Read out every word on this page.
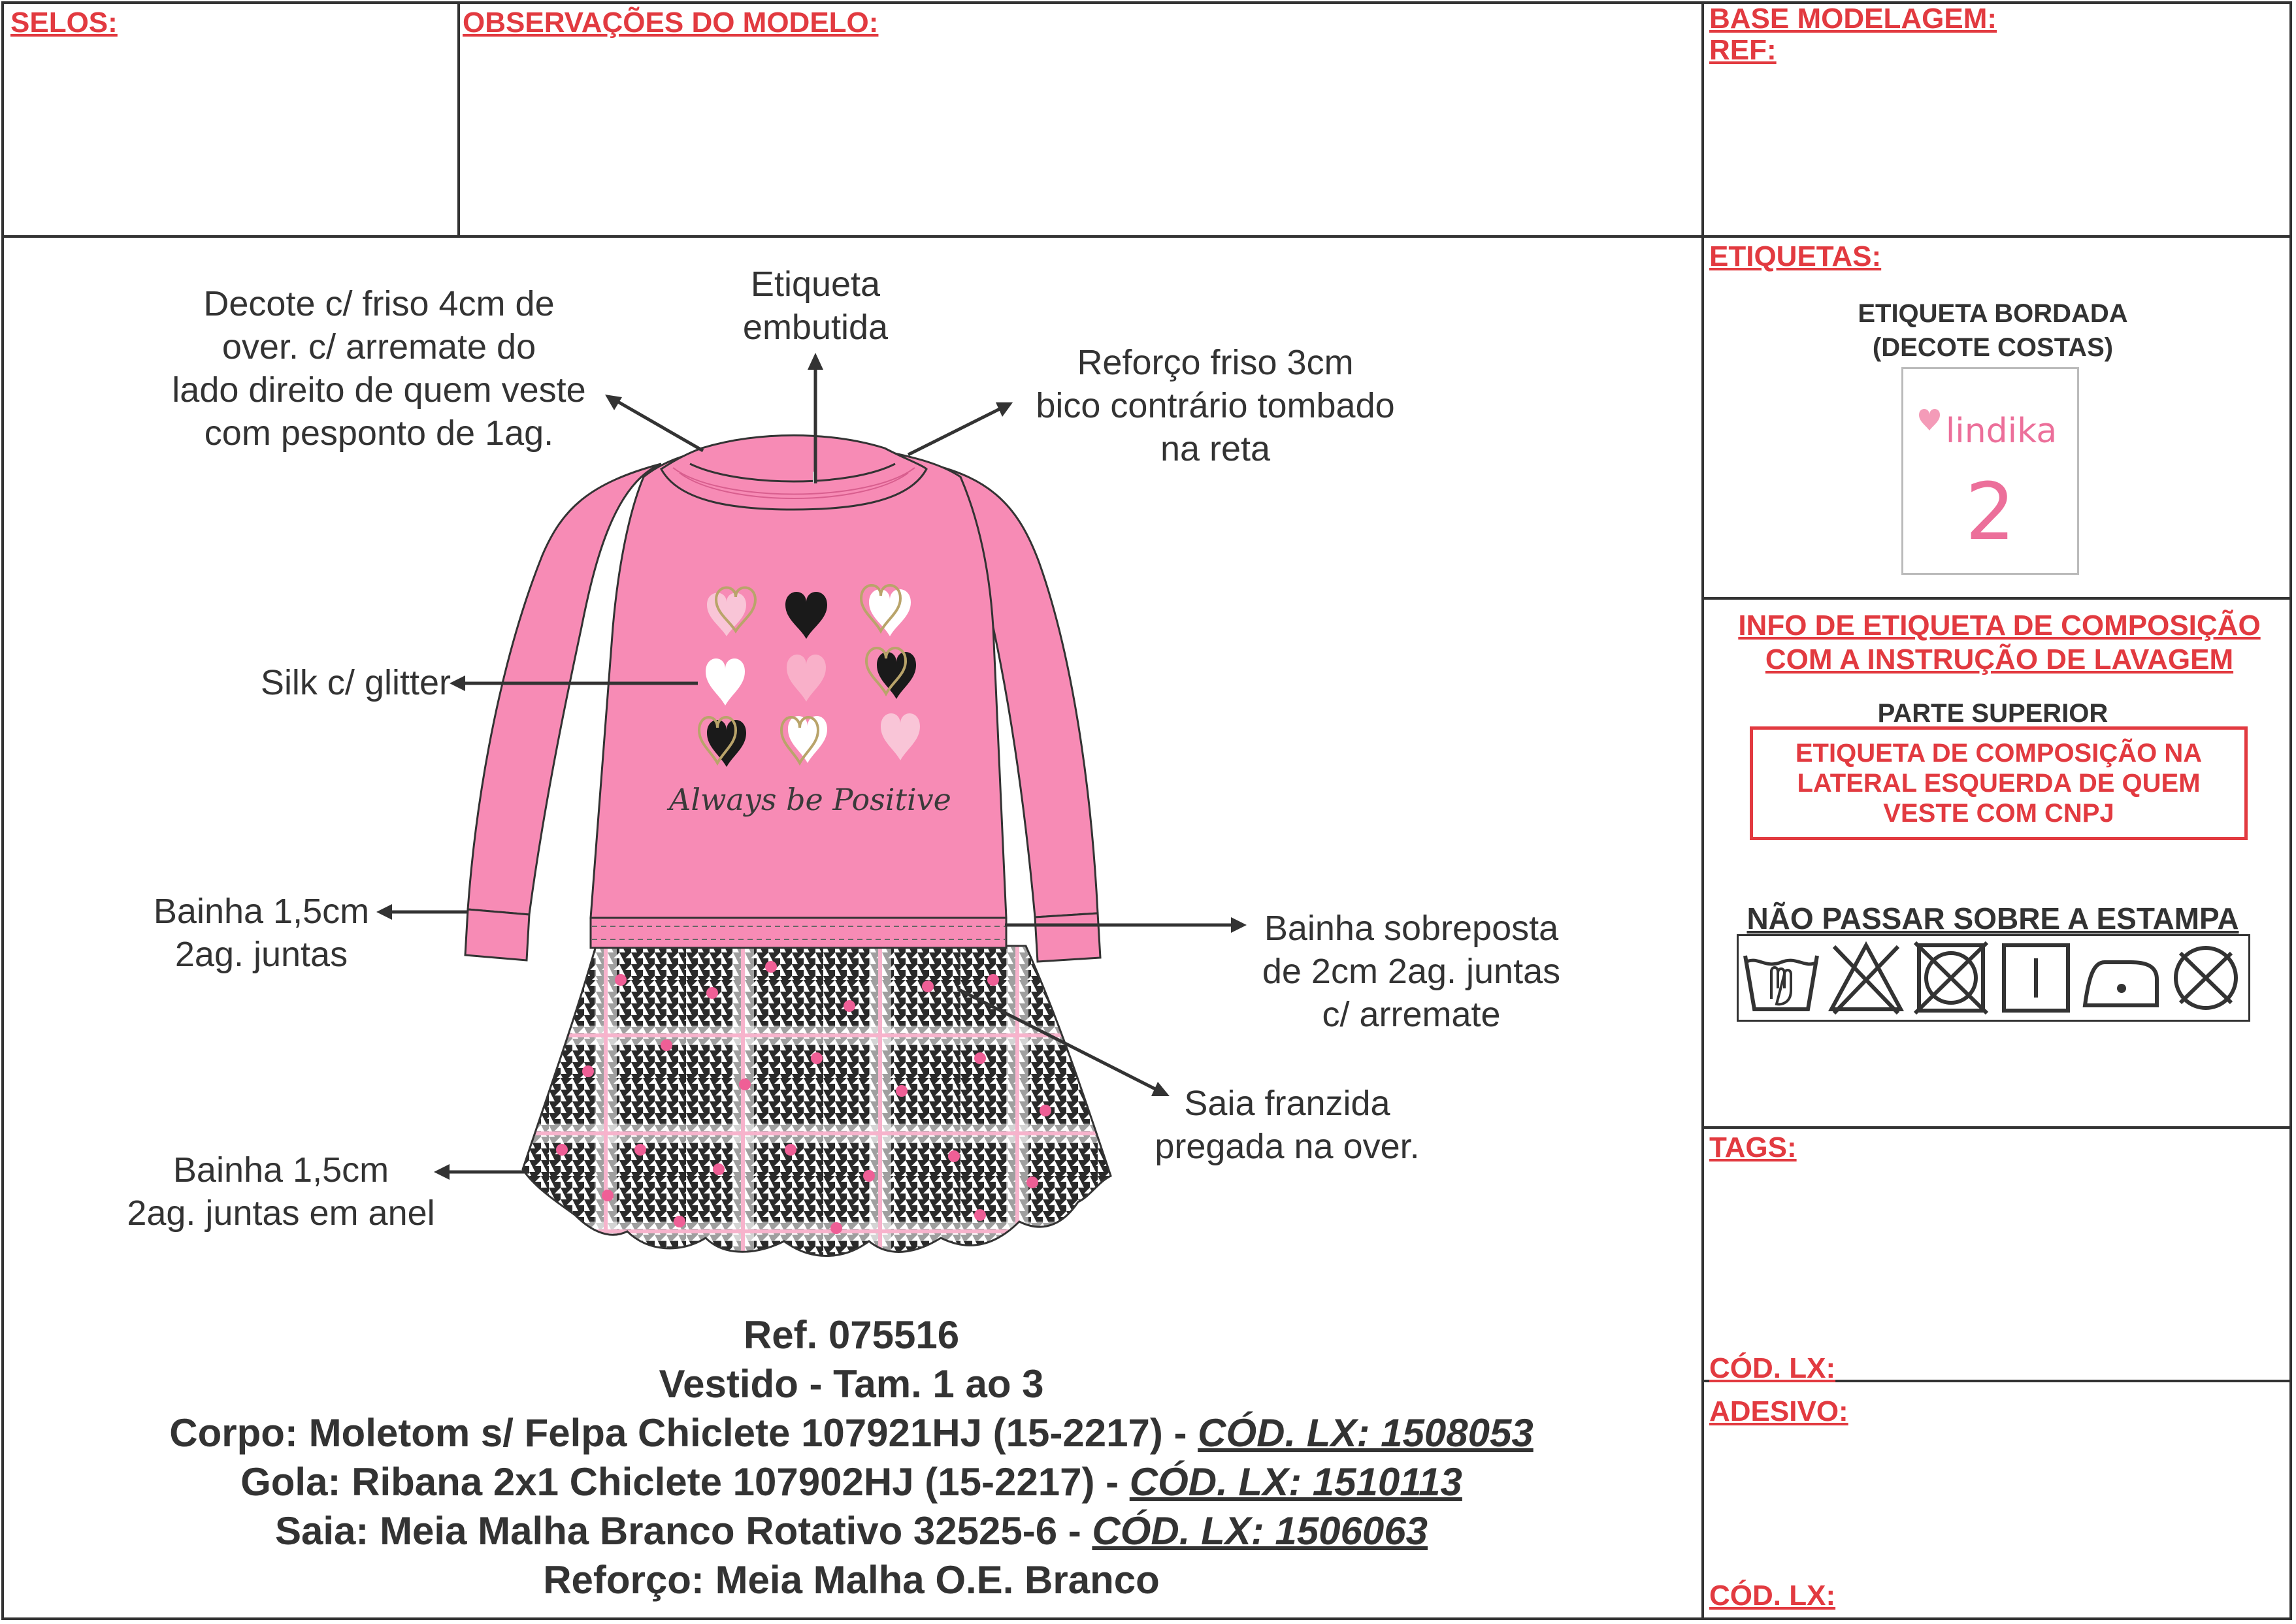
SELOS:	OBSERVAÇÕES DO MODELO:	BASE MODELAGEM:
REF:
Always be Positive
Decote c/ friso 4cm de
over. c/ arremate do
lado direito de quem veste
com pesponto de 1ag.
Etiqueta
embutida
Reforço friso 3cm
bico contrário tombado
na reta
Silk c/ glitter
Bainha 1,5cm
2ag. juntas
Bainha sobreposta
de 2cm 2ag. juntas
c/ arremate
Saia franzida
pregada na over.
Bainha 1,5cm
2ag. juntas em anel
Ref. 075516
Vestido - Tam. 1 ao 3
Corpo: Moletom s/ Felpa Chiclete 107921HJ (15-2217) - CÓD. LX: 1508053
Gola: Ribana 2x1 Chiclete 107902HJ (15-2217) - CÓD. LX: 1510113
Saia: Meia Malha Branco Rotativo 32525-6 - CÓD. LX: 1506063
Reforço: Meia Malha O.E. Branco
ETIQUETAS:
ETIQUETA BORDADA
(DECOTE COSTAS)
lindika
2
INFO DE ETIQUETA DE COMPOSIÇÃO
COM A INSTRUÇÃO DE LAVAGEM
PARTE SUPERIOR
ETIQUETA DE COMPOSIÇÃO NA
LATERAL ESQUERDA DE QUEM
VESTE COM CNPJ
NÃO PASSAR SOBRE A ESTAMPA
TAGS:
CÓD. LX:
ADESIVO:
CÓD. LX:
